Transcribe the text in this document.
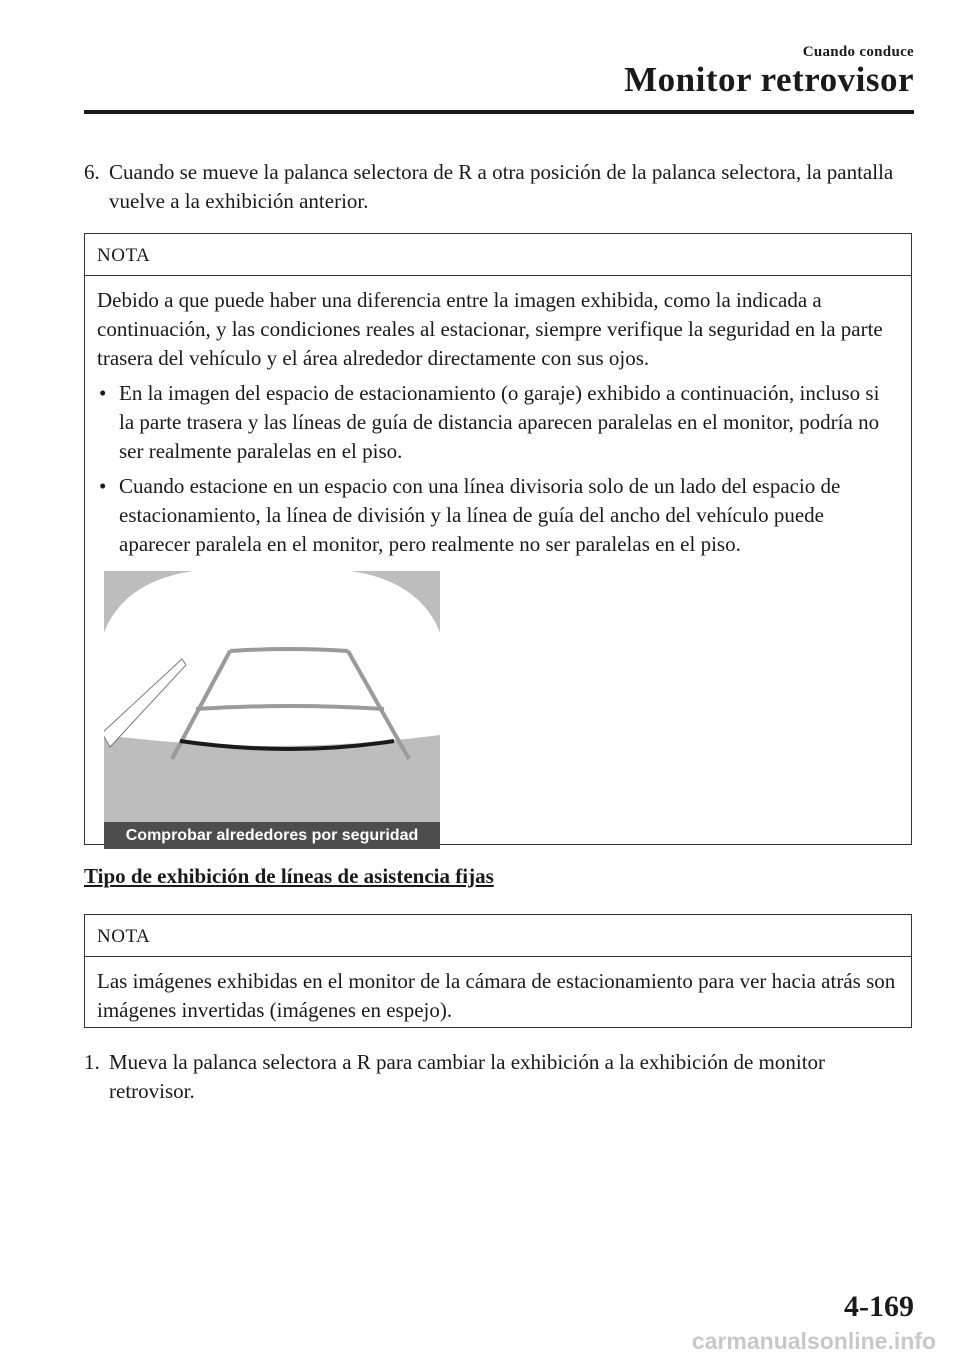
Cuando conduce
Monitor retrovisor
6. Cuando se mueve la palanca selectora de R a otra posición de la palanca selectora, la pantalla vuelve a la exhibición anterior.
NOTA

Debido a que puede haber una diferencia entre la imagen exhibida, como la indicada a continuación, y las condiciones reales al estacionar, siempre verifique la seguridad en la parte trasera del vehículo y el área alrededor directamente con sus ojos.

• En la imagen del espacio de estacionamiento (o garaje) exhibido a continuación, incluso si la parte trasera y las líneas de guía de distancia aparecen paralelas en el monitor, podría no ser realmente paralelas en el piso.
• Cuando estacione en un espacio con una línea divisoria solo de un lado del espacio de estacionamiento, la línea de división y la línea de guía del ancho del vehículo puede aparecer paralela en el monitor, pero realmente no ser paralelas en el piso.
Comprobar alrededores por seguridad
Tipo de exhibición de líneas de asistencia fijas
NOTA

Las imágenes exhibidas en el monitor de la cámara de estacionamiento para ver hacia atrás son imágenes invertidas (imágenes en espejo).

1. Mueva la palanca selectora a R para cambiar la exhibición a la exhibición de monitor retrovisor.
4-169
carmanualsonline.info
